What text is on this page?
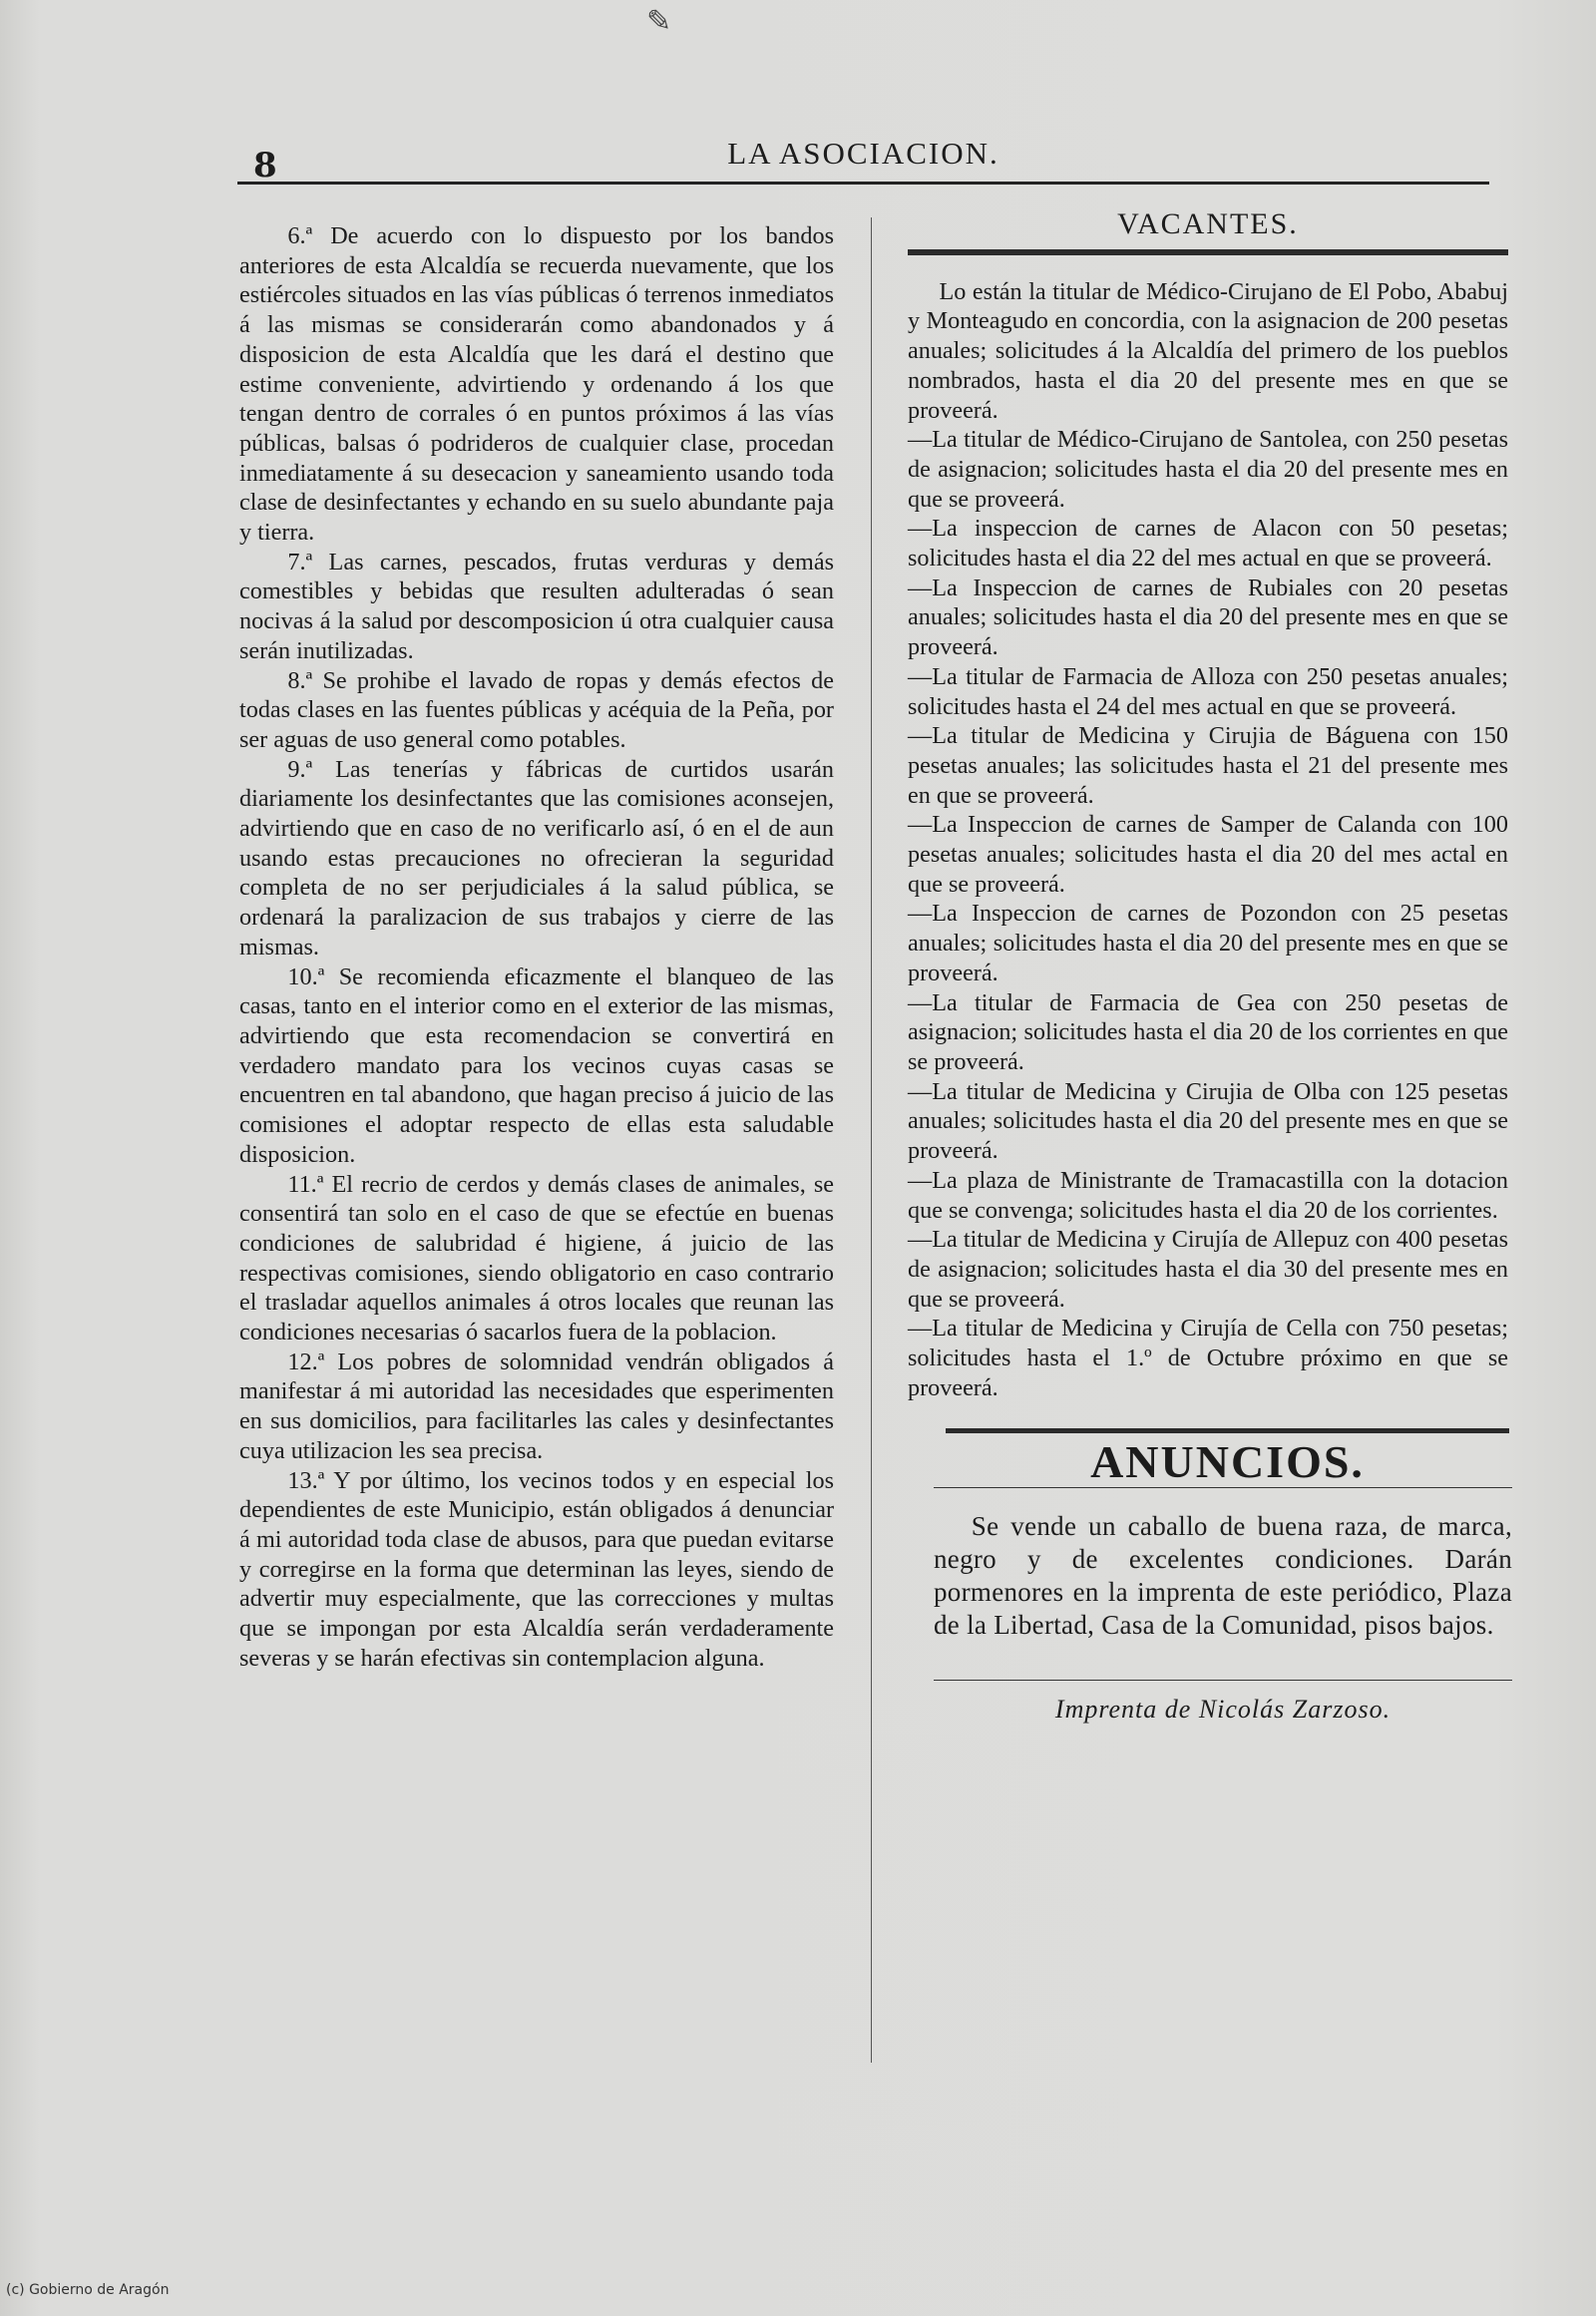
✎
8	LA ASOCIACION.

6.ª De acuerdo con lo dispuesto por los bandos anteriores de esta Alcaldía se recuerda nuevamente, que los estiércoles situados en las vías públicas ó terrenos inmediatos á las mismas se considerarán como abandonados y á disposicion de esta Alcaldía que les dará el destino que estime conveniente, advirtiendo y ordenando á los que tengan dentro de corrales ó en puntos próximos á las vías públicas, balsas ó podrideros de cualquier clase, procedan inmediatamente á su desecacion y saneamiento usando toda clase de desinfectantes y echando en su suelo abundante paja y tierra.

7.ª Las carnes, pescados, frutas verduras y demás comestibles y bebidas que resulten adulteradas ó sean nocivas á la salud por descomposicion ú otra cualquier causa serán inutilizadas.

8.ª Se prohibe el lavado de ropas y demás efectos de todas clases en las fuentes públicas y acéquia de la Peña, por ser aguas de uso general como potables.

9.ª Las tenerías y fábricas de curtidos usarán diariamente los desinfectantes que las comisiones aconsejen, advirtiendo que en caso de no verificarlo así, ó en el de aun usando estas precauciones no ofrecieran la seguridad completa de no ser perjudiciales á la salud pública, se ordenará la paralizacion de sus trabajos y cierre de las mismas.

10.ª Se recomienda eficazmente el blanqueo de las casas, tanto en el interior como en el exterior de las mismas, advirtiendo que esta recomendacion se convertirá en verdadero mandato para los vecinos cuyas casas se encuentren en tal abandono, que hagan preciso á juicio de las comisiones el adoptar respecto de ellas esta saludable disposicion.

11.ª El recrio de cerdos y demás clases de animales, se consentirá tan solo en el caso de que se efectúe en buenas condiciones de salubridad é higiene, á juicio de las respectivas comisiones, siendo obligatorio en caso contrario el trasladar aquellos animales á otros locales que reunan las condiciones necesarias ó sacarlos fuera de la poblacion.

12.ª Los pobres de solomnidad vendrán obligados á manifestar á mi autoridad las necesidades que esperimenten en sus domicilios, para facilitarles las cales y desinfectantes cuya utilizacion les sea precisa.

13.ª Y por último, los vecinos todos y en especial los dependientes de este Municipio, están obligados á denunciar á mi autoridad toda clase de abusos, para que puedan evitarse y corregirse en la forma que determinan las leyes, siendo de advertir muy especialmente, que las correcciones y multas que se impongan por esta Alcaldía serán verdaderamente severas y se harán efectivas sin contemplacion alguna.

VACANTES.

Lo están la titular de Médico-Cirujano de El Pobo, Ababuj y Monteagudo en concordia, con la asignacion de 200 pesetas anuales; solicitudes á la Alcaldía del primero de los pueblos nombrados, hasta el dia 20 del presente mes en que se proveerá.

—La titular de Médico-Cirujano de Santolea, con 250 pesetas de asignacion; solicitudes hasta el dia 20 del presente mes en que se proveerá.

—La inspeccion de carnes de Alacon con 50 pesetas; solicitudes hasta el dia 22 del mes actual en que se proveerá.

—La Inspeccion de carnes de Rubiales con 20 pesetas anuales; solicitudes hasta el dia 20 del presente mes en que se proveerá.

—La titular de Farmacia de Alloza con 250 pesetas anuales; solicitudes hasta el 24 del mes actual en que se proveerá.

—La titular de Medicina y Cirujia de Báguena con 150 pesetas anuales; las solicitudes hasta el 21 del presente mes en que se proveerá.

—La Inspeccion de carnes de Samper de Calanda con 100 pesetas anuales; solicitudes hasta el dia 20 del mes actal en que se proveerá.

—La Inspeccion de carnes de Pozondon con 25 pesetas anuales; solicitudes hasta el dia 20 del presente mes en que se proveerá.

—La titular de Farmacia de Gea con 250 pesetas de asignacion; solicitudes hasta el dia 20 de los corrientes en que se proveerá.

—La titular de Medicina y Cirujia de Olba con 125 pesetas anuales; solicitudes hasta el dia 20 del presente mes en que se proveerá.

—La plaza de Ministrante de Tramacastilla con la dotacion que se convenga; solicitudes hasta el dia 20 de los corrientes.

—La titular de Medicina y Cirujía de Allepuz con 400 pesetas de asignacion; solicitudes hasta el dia 30 del presente mes en que se proveerá.

—La titular de Medicina y Cirujía de Cella con 750 pesetas; solicitudes hasta el 1.º de Octubre próximo en que se proveerá.

ANUNCIOS.

Se vende un caballo de buena raza, de marca, negro y de excelentes condiciones. Darán pormenores en la imprenta de este periódico, Plaza de la Libertad, Casa de la Comunidad, pisos bajos.

Imprenta de Nicolás Zarzoso.
(c) Gobierno de Aragón
